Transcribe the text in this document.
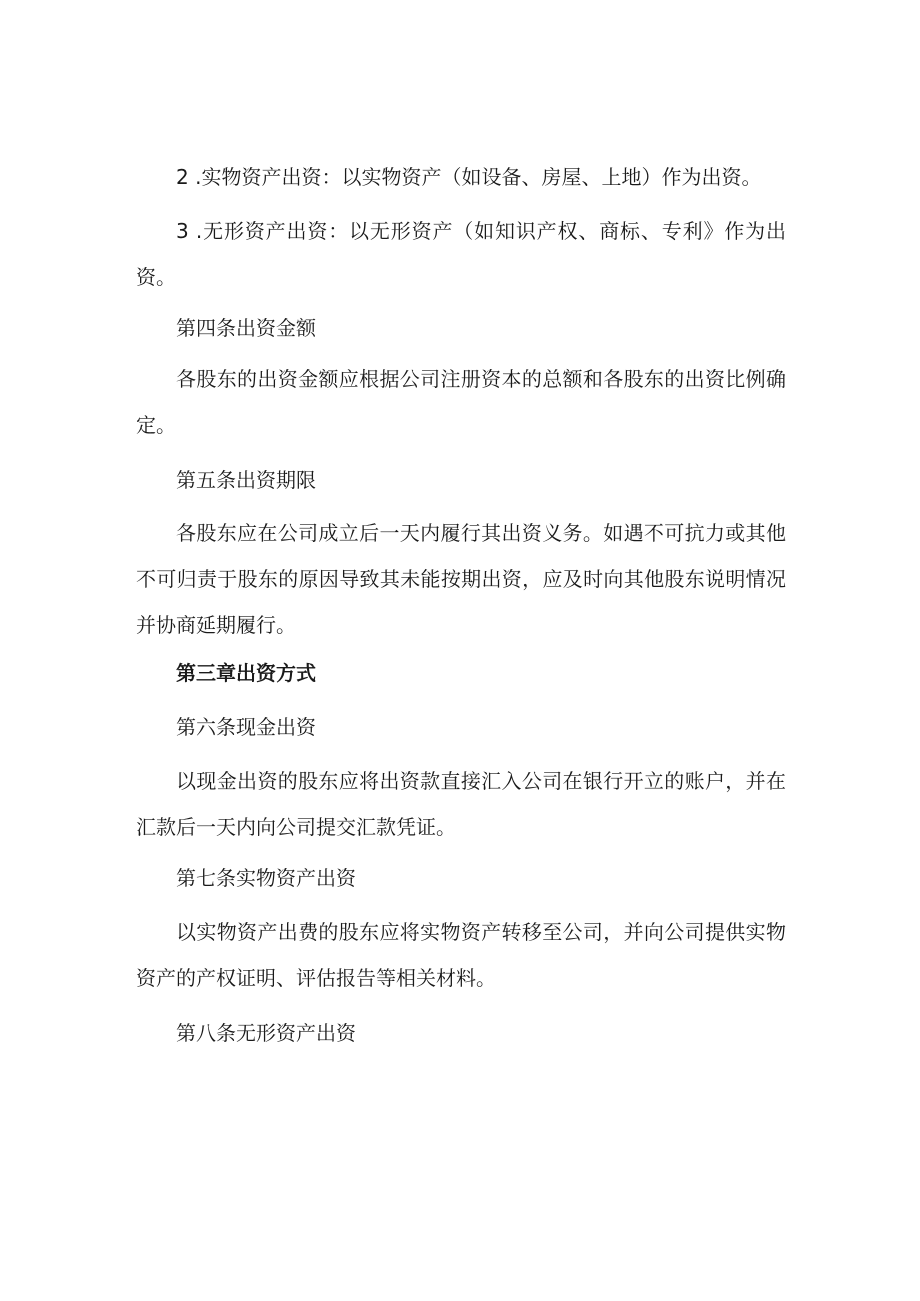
2 .实物资产出资：以实物资产（如设备、房屋、上地）作为出资。

3 .无形资产出资：以无形资产（如知识产权、商标、专利》作为出资。

第四条出资金额

各股东的出资金额应根据公司注册资本的总额和各股东的出资比例确定。

第五条出资期限

各股东应在公司成立后一天内履行其出资义务。如遇不可抗力或其他不可归责于股东的原因导致其未能按期出资，应及时向其他股东说明情况并协商延期履行。

第三章出资方式

第六条现金出资

以现金出资的股东应将出资款直接汇入公司在银行开立的账户，并在汇款后一天内向公司提交汇款凭证。

第七条实物资产出资

以实物资产出费的股东应将实物资产转移至公司，并向公司提供实物资产的产权证明、评估报告等相关材料。

第八条无形资产出资
